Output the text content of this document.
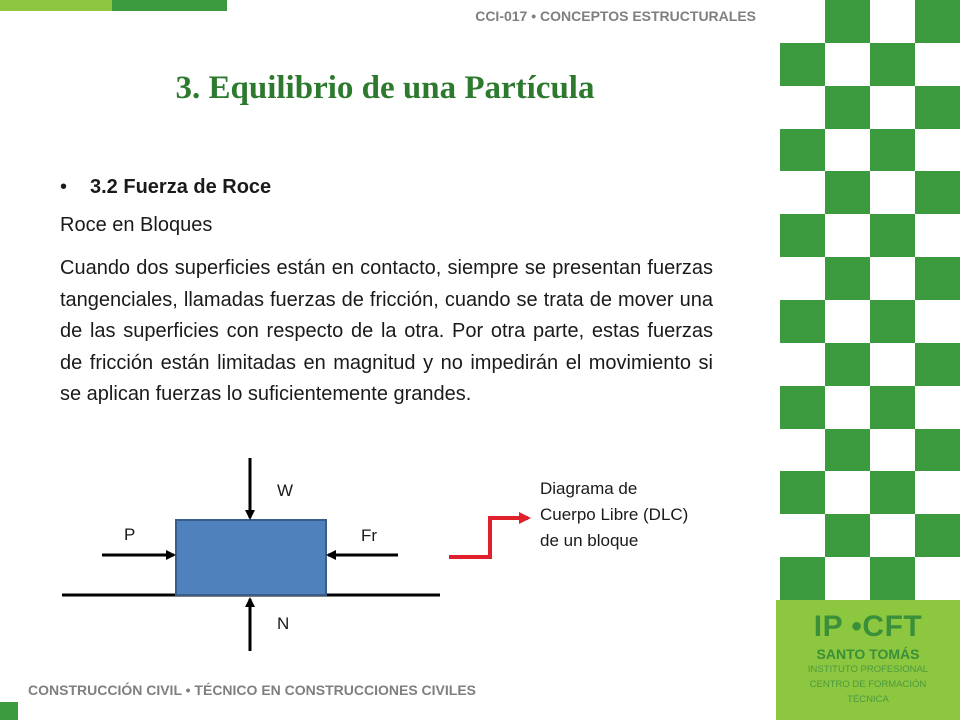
CCI-017 • CONCEPTOS ESTRUCTURALES
3. Equilibrio de una Partícula
IP •CFT
SANTO TOMÁS
INSTITUTO PROFESIONAL
CENTRO DE FORMACIÓN
TÉCNICA
• 3.2 Fuerza de Roce
Roce en Bloques
Cuando dos superficies están en contacto, siempre se presentan fuerzas tangenciales, llamadas fuerzas de fricción, cuando se trata de mover una de las superficies con respecto de la otra. Por otra parte, estas fuerzas de fricción están limitadas en magnitud y no impedirán el movimiento si se aplican fuerzas lo suficientemente grandes.
W
P	Fr
N
Diagrama de
Cuerpo Libre (DLC)
de un bloque
CONSTRUCCIÓN CIVIL • TÉCNICO EN CONSTRUCCIONES CIVILES
